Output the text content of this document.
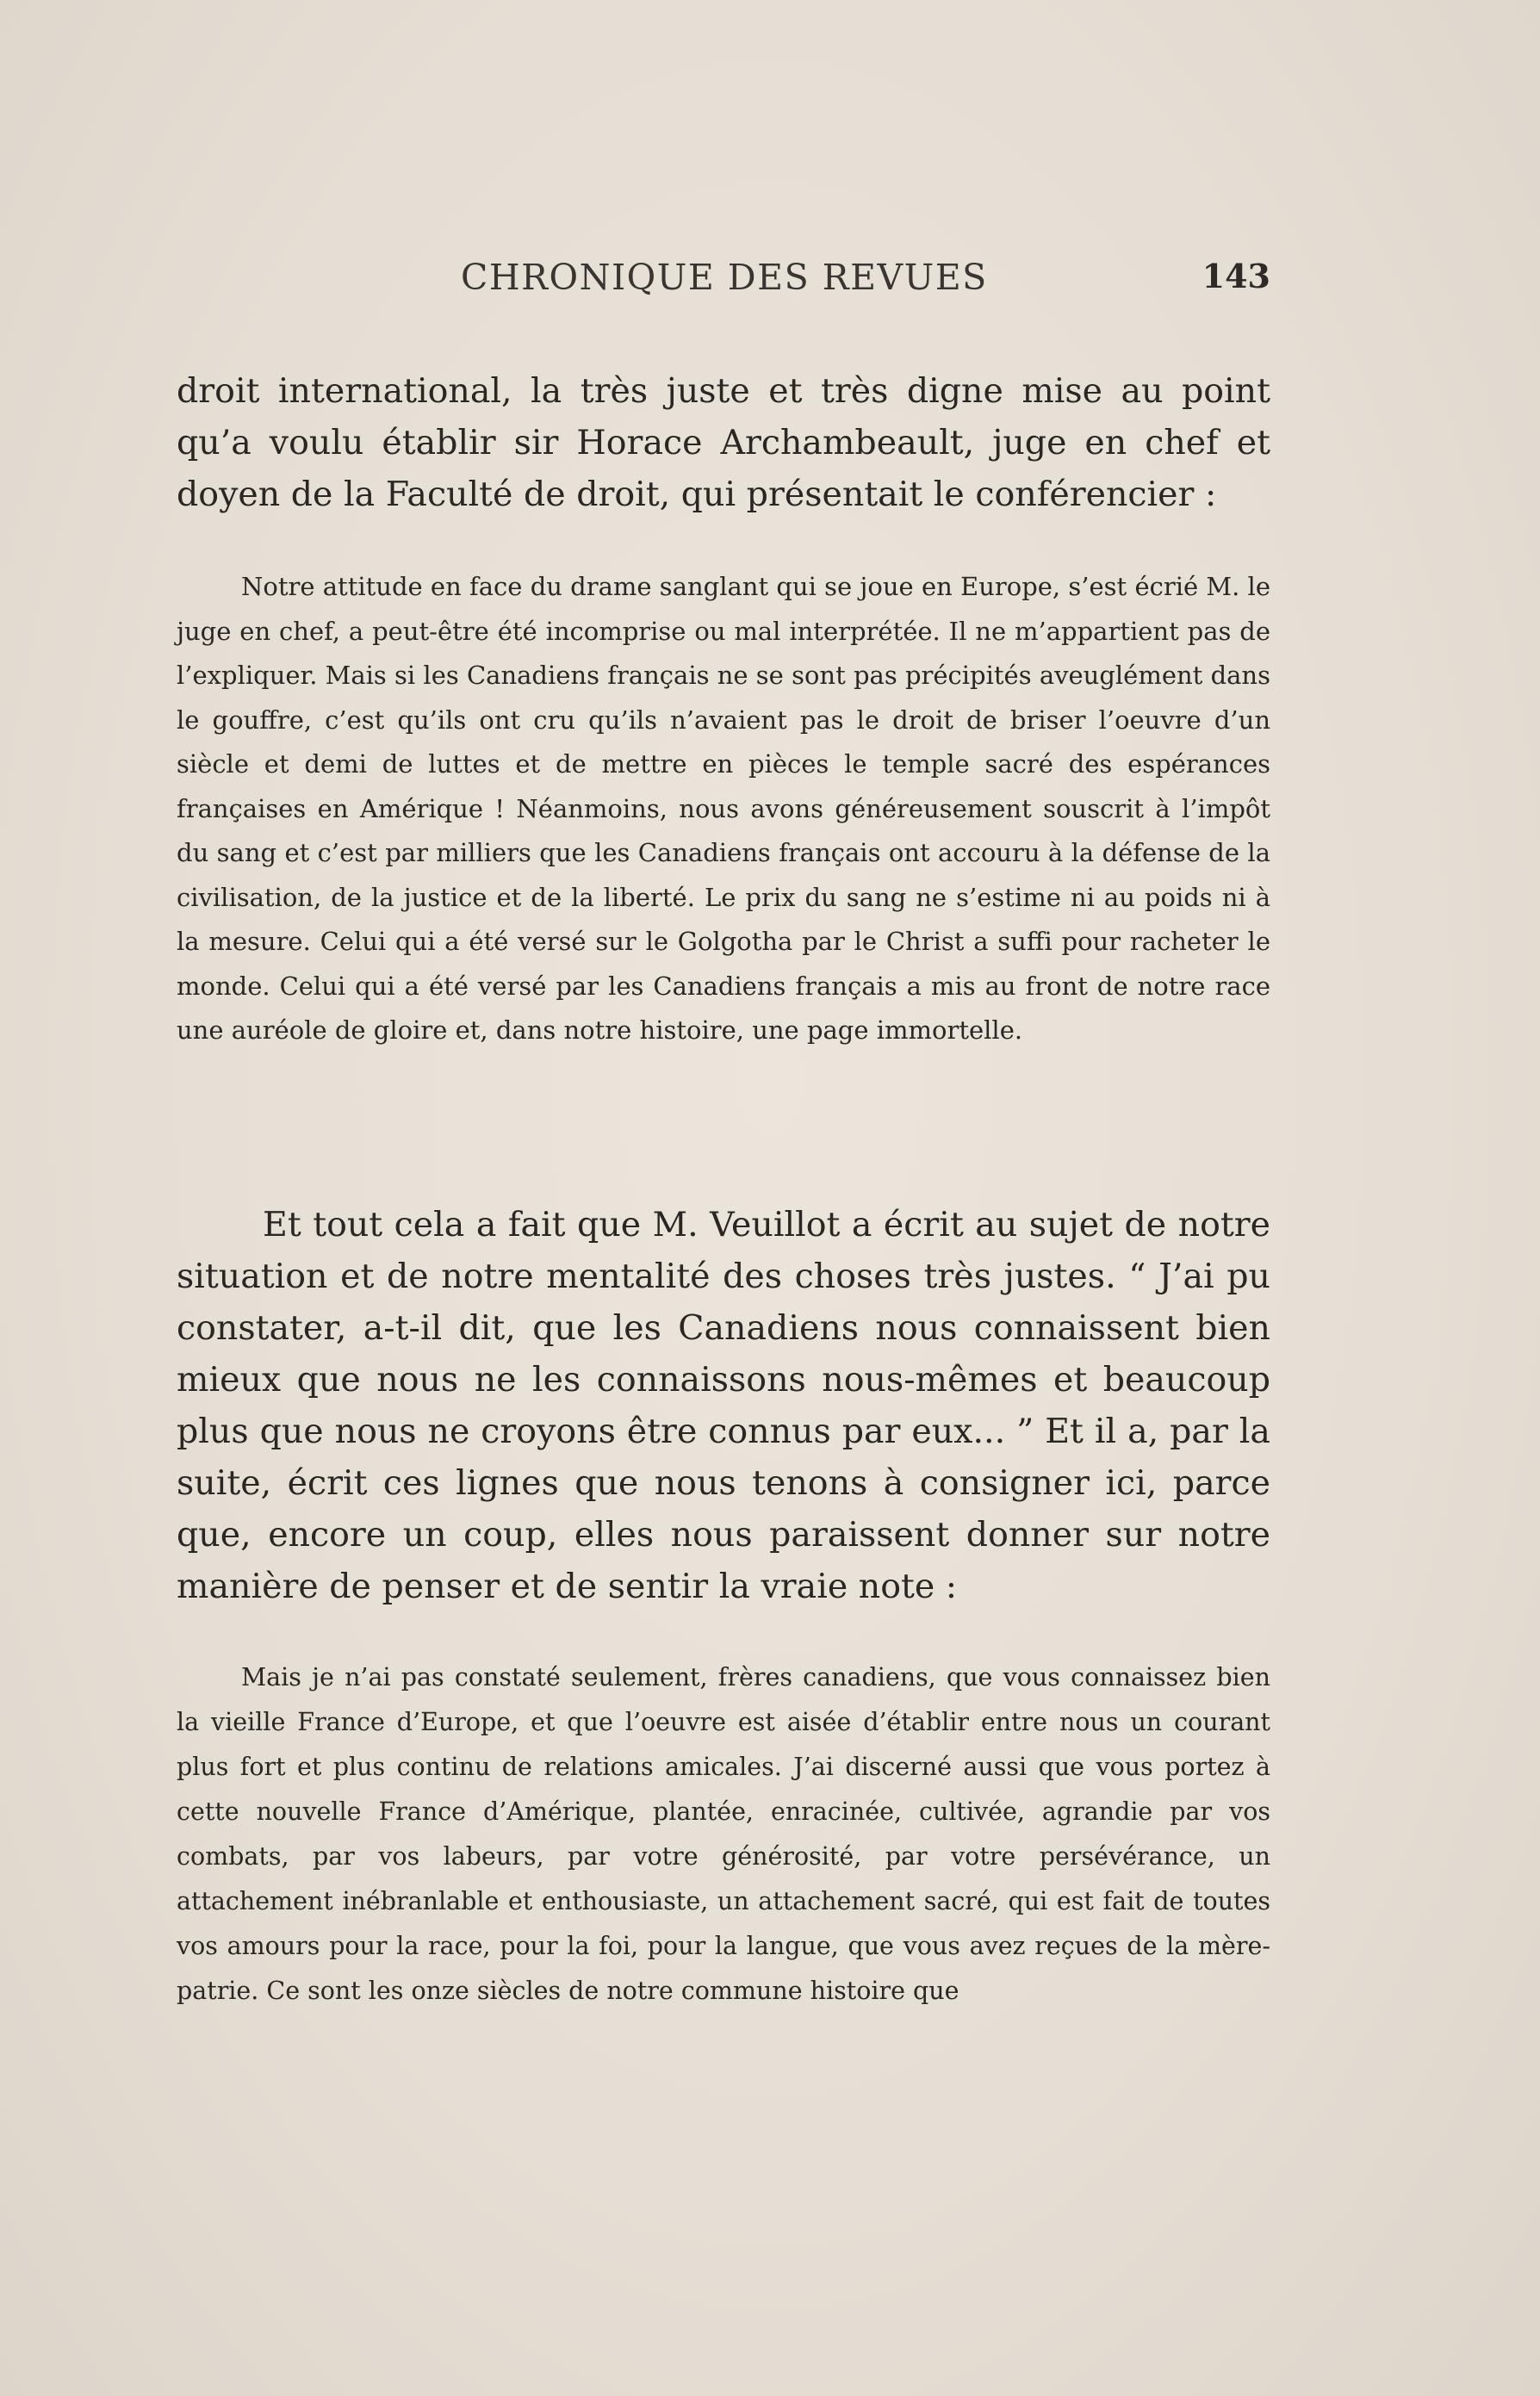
CHRONIQUE DES REVUES	143

droit international, la très juste et très digne mise au point qu’a voulu établir sir Horace Archambeault, juge en chef et doyen de la Faculté de droit, qui présentait le conférencier :

Notre attitude en face du drame sanglant qui se joue en Europe, s’est écrié M. le juge en chef, a peut-être été incomprise ou mal interprétée. Il ne m’appartient pas de l’expliquer. Mais si les Canadiens français ne se sont pas précipités aveuglément dans le gouffre, c’est qu’ils ont cru qu’ils n’avaient pas le droit de briser l’oeuvre d’un siècle et demi de luttes et de mettre en pièces le temple sacré des espérances françaises en Amérique ! Néanmoins, nous avons généreusement souscrit à l’impôt du sang et c’est par milliers que les Canadiens français ont accouru à la défense de la civilisation, de la justice et de la liberté. Le prix du sang ne s’estime ni au poids ni à la mesure. Celui qui a été versé sur le Golgotha par le Christ a suffi pour racheter le monde. Celui qui a été versé par les Canadiens français a mis au front de notre race une auréole de gloire et, dans notre histoire, une page immortelle.

Et tout cela a fait que M. Veuillot a écrit au sujet de notre situation et de notre mentalité des choses très justes. “ J’ai pu constater, a-t-il dit, que les Canadiens nous connaissent bien mieux que nous ne les connaissons nous-mêmes et beaucoup plus que nous ne croyons être connus par eux... ” Et il a, par la suite, écrit ces lignes que nous tenons à consigner ici, parce que, encore un coup, elles nous paraissent donner sur notre manière de penser et de sentir la vraie note :

Mais je n’ai pas constaté seulement, frères canadiens, que vous connaissez bien la vieille France d’Europe, et que l’oeuvre est aisée d’établir entre nous un courant plus fort et plus continu de relations amicales. J’ai discerné aussi que vous portez à cette nouvelle France d’Amérique, plantée, enracinée, cultivée, agrandie par vos combats, par vos labeurs, par votre générosité, par votre persévérance, un attachement inébranlable et enthousiaste, un attachement sacré, qui est fait de toutes vos amours pour la race, pour la foi, pour la langue, que vous avez reçues de la mère-patrie. Ce sont les onze siècles de notre commune histoire que
